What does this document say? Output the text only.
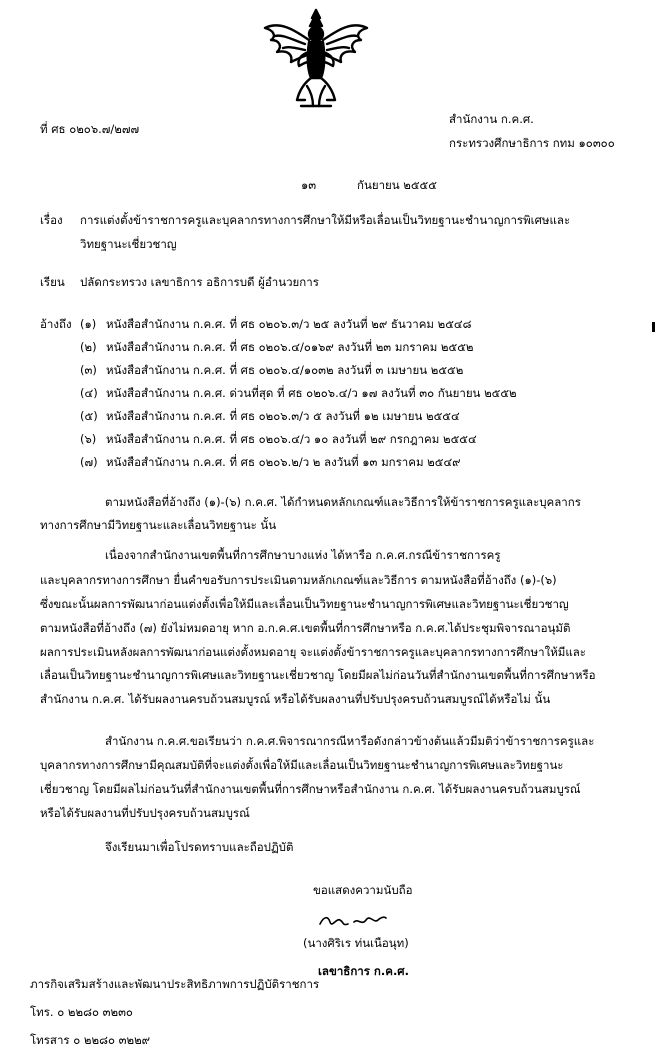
ที่ ศธ ๐๒๐๖.๗/๒๗๗
สำนักงาน ก.ค.ศ.
กระทรวงศึกษาธิการ กทม ๑๐๓๐๐
๑๓	กันยายน ๒๕๕๕
เรื่อง การแต่งตั้งข้าราชการครูและบุคลากรทางการศึกษาให้มีหรือเลื่อนเป็นวิทยฐานะชำนาญการพิเศษและ
วิทยฐานะเชี่ยวชาญ
เรียน ปลัดกระทรวง เลขาธิการ อธิการบดี ผู้อำนวยการ
อ้างถึง (๑) หนังสือสำนักงาน ก.ค.ศ. ที่ ศธ ๐๒๐๖.๓/ว ๒๕ ลงวันที่ ๒๙ ธันวาคม ๒๕๔๘
(๒) หนังสือสำนักงาน ก.ค.ศ. ที่ ศธ ๐๒๐๖.๔/๐๑๖๙ ลงวันที่ ๒๓ มกราคม ๒๕๕๒
(๓) หนังสือสำนักงาน ก.ค.ศ. ที่ ศธ ๐๒๐๖.๔/๑๐๓๒ ลงวันที่ ๓ เมษายน ๒๕๕๒
(๔) หนังสือสำนักงาน ก.ค.ศ. ด่วนที่สุด ที่ ศธ ๐๒๐๖.๔/ว ๑๗ ลงวันที่ ๓๐ กันยายน ๒๕๕๒
(๕) หนังสือสำนักงาน ก.ค.ศ. ที่ ศธ ๐๒๐๖.๓/ว ๕ ลงวันที่ ๑๒ เมษายน ๒๕๕๔
(๖) หนังสือสำนักงาน ก.ค.ศ. ที่ ศธ ๐๒๐๖.๔/ว ๑๐ ลงวันที่ ๒๙ กรกฎาคม ๒๕๕๔
(๗) หนังสือสำนักงาน ก.ค.ศ. ที่ ศธ ๐๒๐๖.๒/ว ๒ ลงวันที่ ๑๓ มกราคม ๒๕๔๙
ตามหนังสือที่อ้างถึง (๑)-(๖) ก.ค.ศ. ได้กำหนดหลักเกณฑ์และวิธีการให้ข้าราชการครูและบุคลากร
ทางการศึกษามีวิทยฐานะและเลื่อนวิทยฐานะ นั้น
เนื่องจากสำนักงานเขตพื้นที่การศึกษาบางแห่ง ได้หารือ ก.ค.ศ.กรณีข้าราชการครู
และบุคลากรทางการศึกษา ยื่นคำขอรับการประเมินตามหลักเกณฑ์และวิธีการ ตามหนังสือที่อ้างถึง (๑)-(๖)
ซึ่งขณะนั้นผลการพัฒนาก่อนแต่งตั้งเพื่อให้มีและเลื่อนเป็นวิทยฐานะชำนาญการพิเศษและวิทยฐานะเชี่ยวชาญ
ตามหนังสือที่อ้างถึง (๗) ยังไม่หมดอายุ หาก อ.ก.ค.ศ.เขตพื้นที่การศึกษาหรือ ก.ค.ศ.ได้ประชุมพิจารณาอนุมัติ
ผลการประเมินหลังผลการพัฒนาก่อนแต่งตั้งหมดอายุ จะแต่งตั้งข้าราชการครูและบุคลากรทางการศึกษาให้มีและ
เลื่อนเป็นวิทยฐานะชำนาญการพิเศษและวิทยฐานะเชี่ยวชาญ โดยมีผลไม่ก่อนวันที่สำนักงานเขตพื้นที่การศึกษาหรือ
สำนักงาน ก.ค.ศ. ได้รับผลงานครบถ้วนสมบูรณ์ หรือได้รับผลงานที่ปรับปรุงครบถ้วนสมบูรณ์ได้หรือไม่ นั้น
สำนักงาน ก.ค.ศ.ขอเรียนว่า ก.ค.ศ.พิจารณากรณีหารือดังกล่าวข้างต้นแล้วมีมติว่าข้าราชการครูและ
บุคลากรทางการศึกษามีคุณสมบัติที่จะแต่งตั้งเพื่อให้มีและเลื่อนเป็นวิทยฐานะชำนาญการพิเศษและวิทยฐานะ
เชี่ยวชาญ โดยมีผลไม่ก่อนวันที่สำนักงานเขตพื้นที่การศึกษาหรือสำนักงาน ก.ค.ศ. ได้รับผลงานครบถ้วนสมบูรณ์
หรือได้รับผลงานที่ปรับปรุงครบถ้วนสมบูรณ์
จึงเรียนมาเพื่อโปรดทราบและถือปฏิบัติ
ขอแสดงความนับถือ
(นางศิริเร ท่นเนือนุท)
เลขาธิการ ก.ค.ศ.
ภารกิจเสริมสร้างและพัฒนาประสิทธิภาพการปฏิบัติราชการ
โทร. ๐ ๒๒๘๐ ๓๒๓๐
โทรสาร ๐ ๒๒๘๐ ๓๒๒๙
